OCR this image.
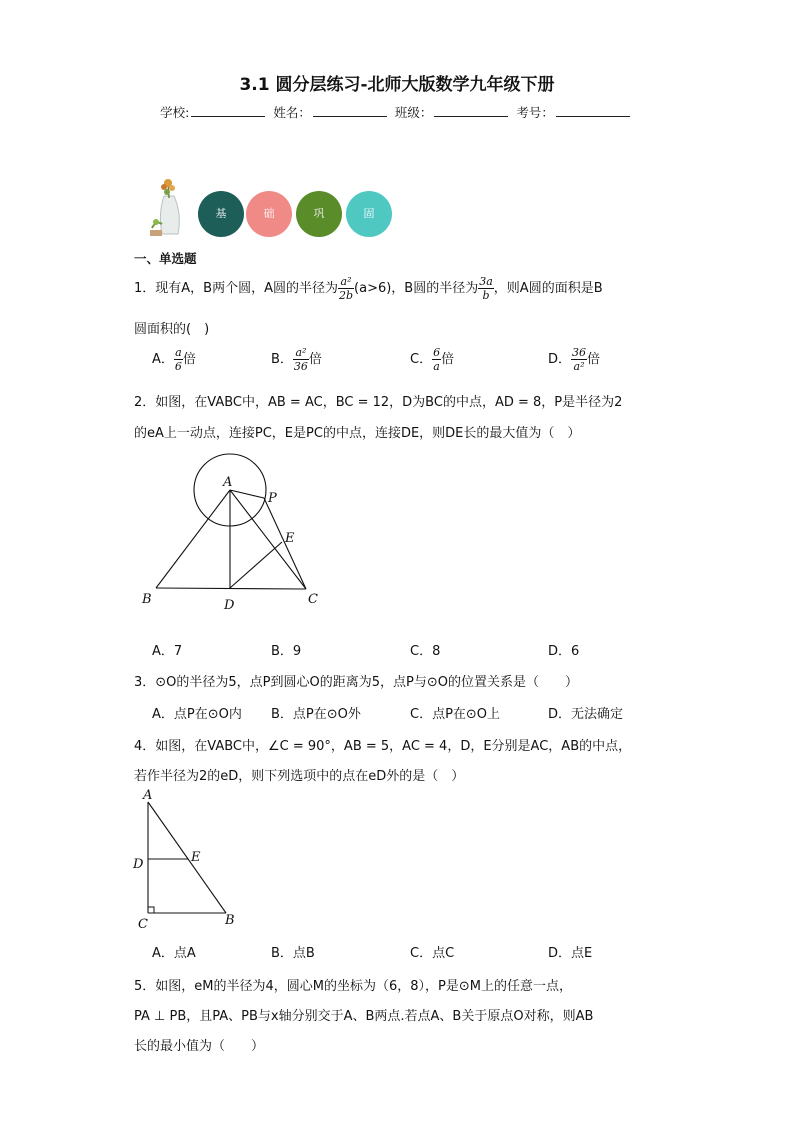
3.1 圆分层练习-北师大版数学九年级下册
学校:	姓名：	班级：	考号：
基	础	巩	固
一、单选题
1．现有A，B两个圆，A圆的半径为 $\frac{\text{a²}}{2b} (a>6)$，B圆的半径为 $\frac{3a}{b}$ ，则A圆的面积是B
圆面积的(　)
A． $\frac{a}{6}$ 倍	B． $\frac{\text{a²}}{36}$ 倍	C． $\frac{6}{a}$ 倍	D． $\frac{36}{\text{a²}}$ 倍
2．如图，在VABC中，AB = AC，BC = 12，D为BC的中点，AD = 8，P是半径为2
的eA上一动点，连接PC，E是PC的中点，连接DE，则DE长的最大值为（　）
A
P
E
B	D	C
A．7	B．9	C．8	D．6
3．⊙O的半径为5，点P到圆心O的距离为5，点P与⊙O的位置关系是（　　）
A．点P在⊙O内 B．点P在⊙O外	C．点P在⊙O上	D．无法确定
4．如图，在VABC中，∠C = 90°，AB = 5，AC = 4，D，E分别是AC，AB的中点，
若作半径为2的eD，则下列选项中的点在eD外的是（　）
A
D	E
C	B
A．点A	B．点B	C．点C	D．点E
5．如图，eM的半径为4，圆心M的坐标为（6，8），P是⊙M上的任意一点，
PA ⊥ PB，且PA、PB与x轴分别交于A、B两点.若点A、B关于原点O对称，则AB
长的最小值为（　　）
